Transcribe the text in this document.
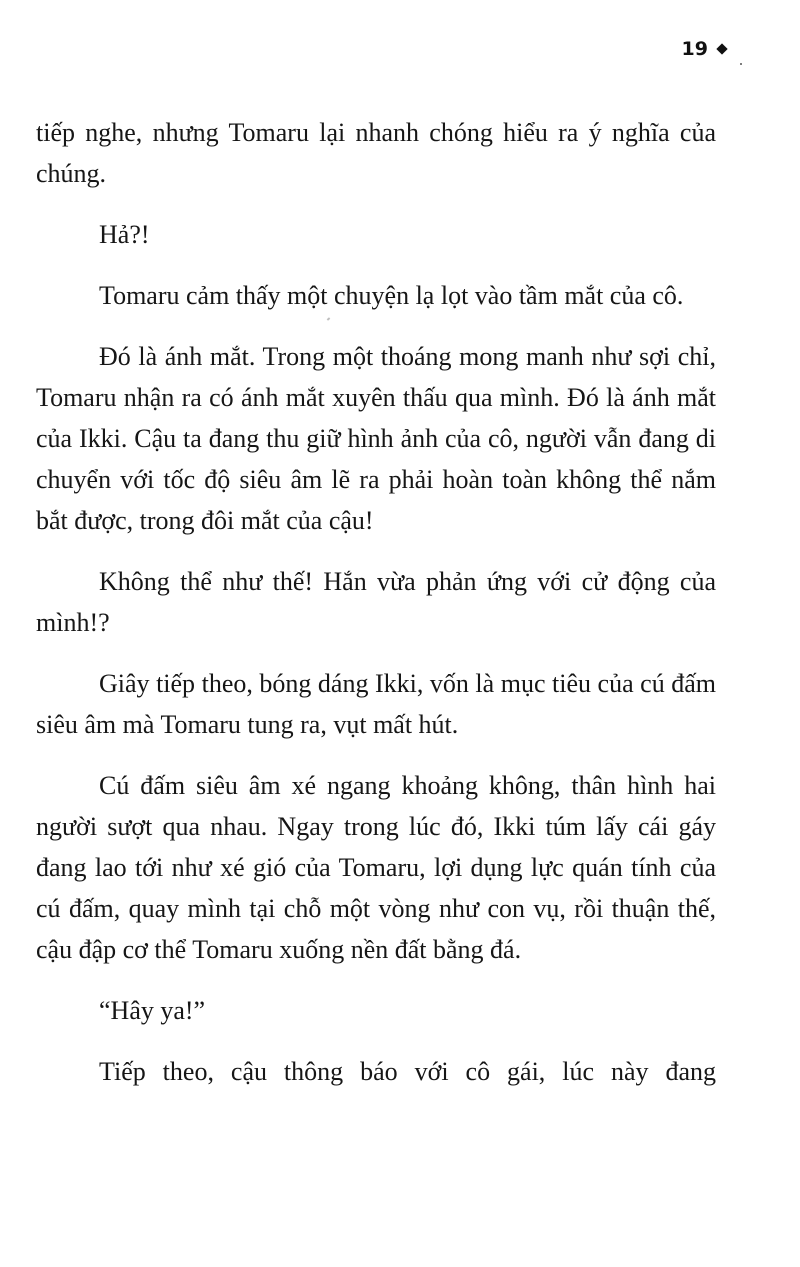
19

tiếp nghe, nhưng Tomaru lại nhanh chóng hiểu ra ý nghĩa của chúng.

Hả?!

Tomaru cảm thấy một chuyện lạ lọt vào tầm mắt của cô.

Đó là ánh mắt. Trong một thoáng mong manh như sợi chỉ, Tomaru nhận ra có ánh mắt xuyên thấu qua mình. Đó là ánh mắt của Ikki. Cậu ta đang thu giữ hình ảnh của cô, người vẫn đang di chuyển với tốc độ siêu âm lẽ ra phải hoàn toàn không thể nắm bắt được, trong đôi mắt của cậu!

Không thể như thế! Hắn vừa phản ứng với cử động của mình!?

Giây tiếp theo, bóng dáng Ikki, vốn là mục tiêu của cú đấm siêu âm mà Tomaru tung ra, vụt mất hút.

Cú đấm siêu âm xé ngang khoảng không, thân hình hai người sượt qua nhau. Ngay trong lúc đó, Ikki túm lấy cái gáy đang lao tới như xé gió của Tomaru, lợi dụng lực quán tính của cú đấm, quay mình tại chỗ một vòng như con vụ, rồi thuận thế, cậu đập cơ thể Tomaru xuống nền đất bằng đá.

“Hây ya!”

Tiếp theo, cậu thông báo với cô gái, lúc này đang
